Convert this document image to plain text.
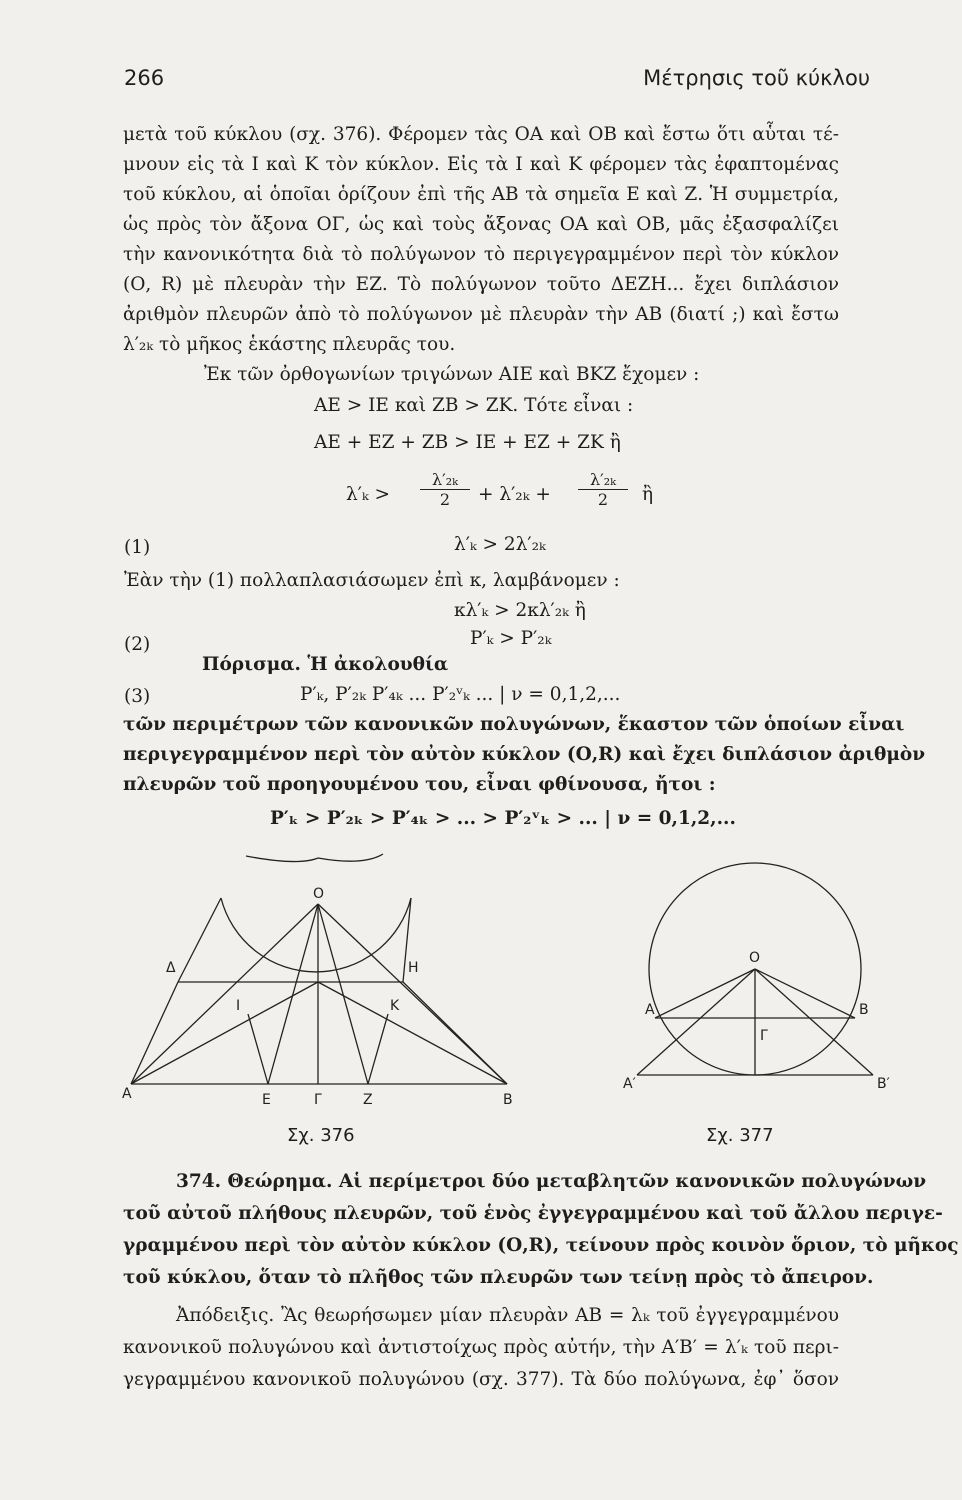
266	Μέτρησις τοῦ κύκλου
μετὰ τοῦ κύκλου (σχ. 376). Φέρομεν τὰς ΟΑ καὶ ΟΒ καὶ ἔστω ὅτι αὗται τέ-
μνουν εἰς τὰ Ι καὶ Κ τὸν κύκλον. Εἰς τὰ Ι καὶ Κ φέρομεν τὰς ἐφαπτομένας
τοῦ κύκλου, αἱ ὁποῖαι ὁρίζουν ἐπὶ τῆς ΑΒ τὰ σημεῖα Ε καὶ Ζ. Ἡ συμμετρία,
ὡς πρὸς τὸν ἄξονα ΟΓ, ὡς καὶ τοὺς ἄξονας ΟΑ καὶ ΟΒ, μᾶς ἐξασφαλίζει
τὴν κανονικότητα διὰ τὸ πολύγωνον τὸ περιγεγραμμένον περὶ τὸν κύκλον
(Ο, R) μὲ πλευρὰν τὴν ΕΖ. Τὸ πολύγωνον τοῦτο ΔΕΖΗ... ἔχει διπλάσιον
ἀριθμὸν πλευρῶν ἀπὸ τὸ πολύγωνον μὲ πλευρὰν τὴν ΑΒ (διατί ;) καὶ ἔστω
λ′₂ₖ τὸ μῆκος ἑκάστης πλευρᾶς του.
Ἐκ τῶν ὀρθογωνίων τριγώνων ΑΙΕ καὶ ΒΚΖ ἔχομεν :
ΑΕ > ΙΕ καὶ ΖΒ > ΖΚ. Τότε εἶναι :
ΑΕ + ΕΖ + ΖΒ > ΙΕ + ΕΖ + ΖΚ ἢ
$\lambda'_k > \frac{\text{λ′₂ₖ}}{2} + \lambda'_{2k} + \frac{\text{λ′₂ₖ}}{2}$ ἢ
(1)	λ′ₖ > 2λ′₂ₖ
Ἐὰν τὴν (1) πολλαπλασιάσωμεν ἐπὶ κ, λαμβάνομεν :
κλ′ₖ > 2κλ′₂ₖ ἢ
(2)	P′ₖ > P′₂ₖ
Πόρισμα. Ἡ ἀκολουθία
(3)	P′ₖ, P′₂ₖ P′₄ₖ ... P′₂ᵛₖ ... | ν = 0,1,2,...
τῶν περιμέτρων τῶν κανονικῶν πολυγώνων, ἕκαστον τῶν ὁποίων εἶναι
περιγεγραμμένον περὶ τὸν αὐτὸν κύκλον (Ο,R) καὶ ἔχει διπλάσιον ἀριθμὸν
πλευρῶν τοῦ προηγουμένου του, εἶναι φθίνουσα, ἤτοι :
P′ₖ > P′₂ₖ > P′₄ₖ > ... > P′₂ᵛₖ > ... | ν = 0,1,2,...
Δ
O
H
I	K
A	E	Γ	Z	B
Σχ. 376
O
Γ
A	B
A′	B′
Σχ. 377
374. Θεώρημα. Αἱ περίμετροι δύο μεταβλητῶν κανονικῶν πολυγώνων
τοῦ αὐτοῦ πλήθους πλευρῶν, τοῦ ἑνὸς ἐγγεγραμμένου καὶ τοῦ ἄλλου περιγε-
γραμμένου περὶ τὸν αὐτὸν κύκλον (Ο,R), τείνουν πρὸς κοινὸν ὅριον, τὸ μῆκος
τοῦ κύκλου, ὅταν τὸ πλῆθος τῶν πλευρῶν των τείνῃ πρὸς τὸ ἄπειρον.
Ἀπόδειξις. Ἂς θεωρήσωμεν μίαν πλευρὰν ΑΒ = λₖ τοῦ ἐγγεγραμμένου
κανονικοῦ πολυγώνου καὶ ἀντιστοίχως πρὸς αὐτήν, τὴν Α′Β′ = λ′ₖ τοῦ περι-
γεγραμμένου κανονικοῦ πολυγώνου (σχ. 377). Τὰ δύο πολύγωνα, ἐφ᾽ ὅσον
